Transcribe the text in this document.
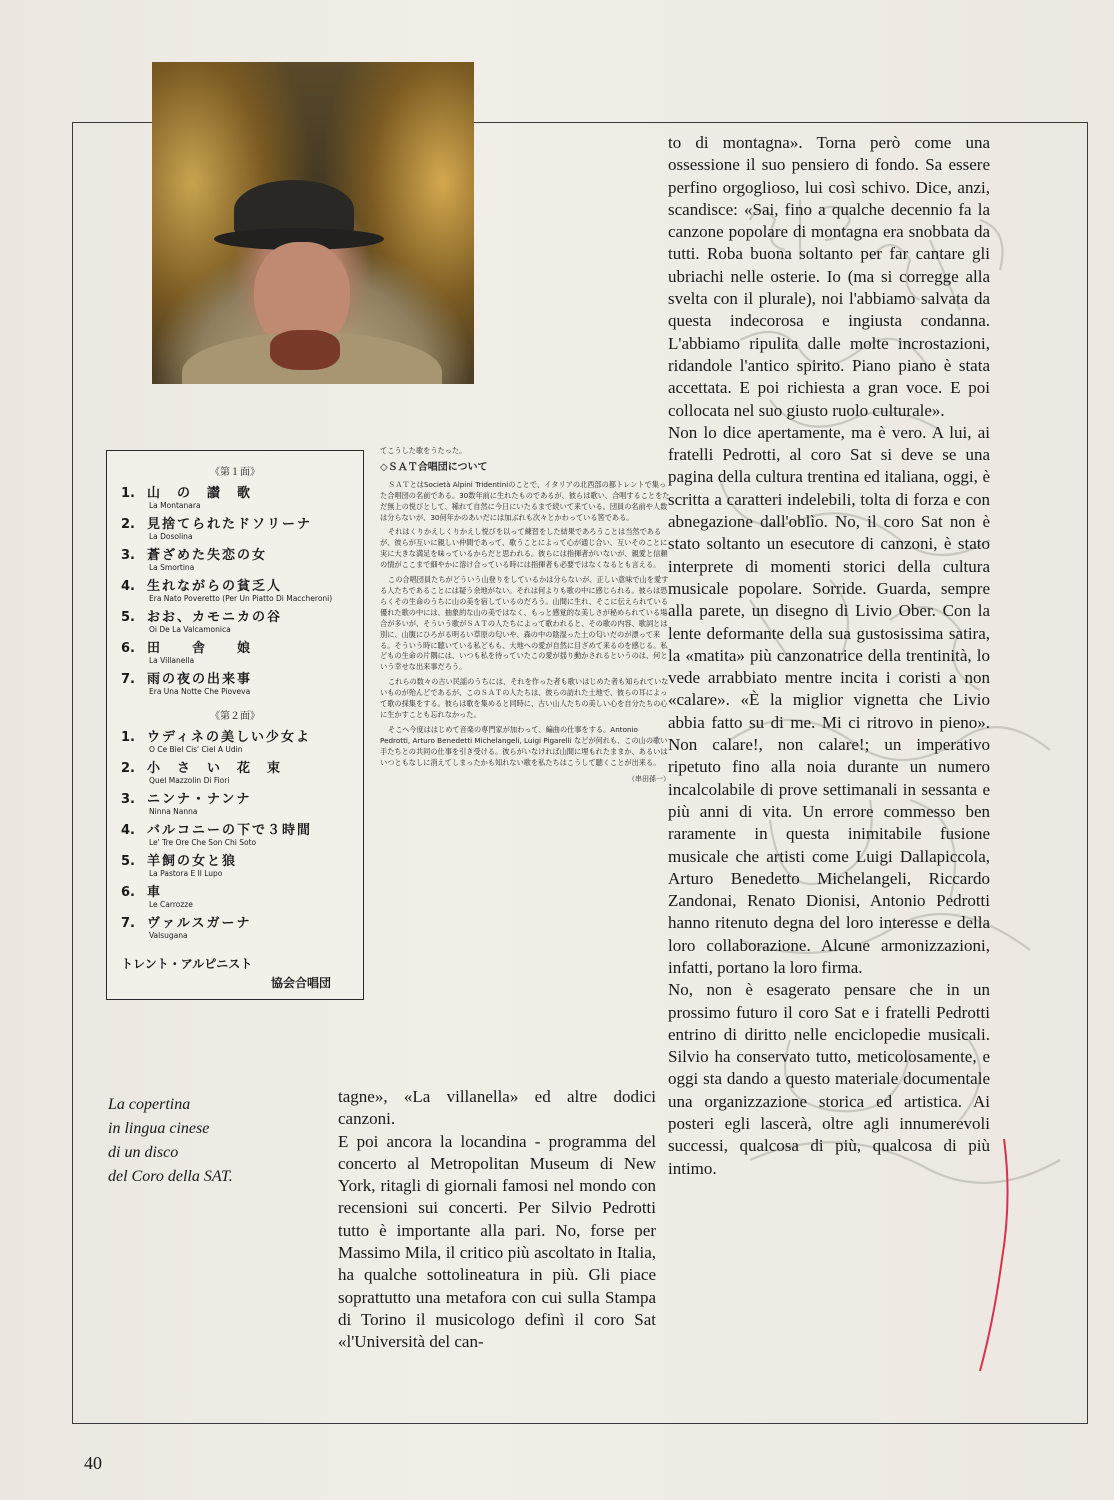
《第１面》
1. 山　の　讃　歌
La Montanara
2. 見捨てられたドソリーナ
La Dosolina
3. 蒼ざめた失恋の女
La Smortina
4. 生れながらの貧乏人
Era Nato Poveretto (Per Un Piatto Di Maccheroni)
5. おお、カモニカの谷
Oi De La Valcamonica
6. 田　　舎　　娘
La Villanella
7. 雨の夜の出来事
Era Una Notte Che Pioveva
《第２面》
1. ウディネの美しい少女よ
O Ce Biel Cis' Ciel A Udin
2. 小　さ　い　花　束
Quel Mazzolin Di Fiori
3. ニンナ・ナンナ
Ninna Nanna
4. バルコニーの下で３時間
Le' Tre Ore Che Son Chi Soto
5. 羊飼の女と狼
La Pastora E Il Lupo
6. 車
Le Carrozze
7. ヴァルスガーナ
Valsugana
トレント・アルピニスト
協会合唱団

てこうした歌をうたった。

◇ＳＡＴ合唱団について

ＳＡＴとはSocietà Alpini Tridentiniのことで、イタリアの北西部の都トレントで集った合唱団の名前である。30数年前に生れたものであるが、彼らは歌い、合唱することをただ無上の悦びとして、稀れて自然に今日にいたるまで続いて来ている。団員の名前や人数は分らないが、30何年かのあいだには加ぶれも次々とかわっている筈である。

それはくりかえしくりかえし悦びを以って練習をした結果であろうことは当然であるが、彼らが互いに親しい仲間であって、歌うことによって心が通じ合い、互いそのことに実に大きな満足を味っているからだと思われる。彼らには指揮者がいないが、親愛と信頼の情がここまで細やかに溶け合っている時には指揮者も必要ではなくなるとも言える。

この合唱団員たちがどういう山登りをしているかは分らないが、正しい意味で山を愛する人たちであることには疑う余地がない。それは何よりも歌の中に感じられる。彼らは恐らくその生命のうちに山の美を宿しているのだろう。山間に生れ、そこに伝えられている優れた歌の中には、抽象的な山の美ではなく、もっと感覚的な美しさが秘められている場合が多いが、そういう歌がＳＡＴの人たちによって歌われると、その歌の内容、歌詞とは別に、山腹にひろがる明るい草原の匂いや、森の中の陰湿った土の匂いだのが漂って来る。そういう時に聴いている私どもも、大地への愛が自然に目ざめて来るのを感じる。私どもの生命の片隅には、いつも私を待っていたこの愛が揺り動かされるというのは、何という幸せな出来事だろう。

これらの数々の古い民謡のうちには、それを作った者も歌いはじめた者も知られていないものが殆んどであるが、このＳＡＴの人たちは、彼らの訪れた土地で、彼らの耳によって歌の採集をする。彼らは歌を集めると同時に、古い山人たちの美しい心を自分たちの心に生かすことも忘れなかった。

そこへ今度ははじめて音楽の専門家が加わって、編曲の仕事をする。Antonio Pedrotti, Arturo Benedetti Michelangeli, Luigi Pigarelli などが何れも、この山の歌い手たちとの共同の仕事を引き受ける。彼らがいなければ山間に埋もれたままか、あるいはいつともなしに消えてしまったかも知れない歌を私たちはこうして聴くことが出来る。

（串田孫一）
La copertina
in lingua cinese
di un disco
del Coro della SAT.

tagne», «La villanella» ed altre dodici canzoni.

E poi ancora la locandina - programma del concerto al Metropolitan Museum di New York, ritagli di giornali famosi nel mondo con recensioni sui concerti. Per Silvio Pedrotti tutto è importante alla pari. No, forse per Massimo Mila, il critico più ascoltato in Italia, ha qualche sottolineatura in più. Gli piace soprattutto una metafora con cui sulla Stampa di Torino il musicologo definì il coro Sat «l'Università del can-

to di montagna». Torna però come una ossessione il suo pensiero di fondo. Sa essere perfino orgoglioso, lui così schivo. Dice, anzi, scandisce: «Sai, fino a qualche decennio fa la canzone popolare di montagna era snobbata da tutti. Roba buona soltanto per far cantare gli ubriachi nelle osterie. Io (ma si corregge alla svelta con il plurale), noi l'abbiamo salvata da questa indecorosa e ingiusta condanna. L'abbiamo ripulita dalle molte incrostazioni, ridandole l'antico spirito. Piano piano è stata accettata. E poi richiesta a gran voce. E poi collocata nel suo giusto ruolo culturale».

Non lo dice apertamente, ma è vero. A lui, ai fratelli Pedrotti, al coro Sat si deve se una pagina della cultura trentina ed italiana, oggi, è scritta a caratteri indelebili, tolta di forza e con abnegazione dall'oblìo. No, il coro Sat non è stato soltanto un esecutore di canzoni, è stato interprete di momenti storici della cultura musicale popolare. Sorride. Guarda, sempre alla parete, un disegno di Livio Ober. Con la lente deformante della sua gustosissima satira, la «matita» più canzonatrice della trentinità, lo vede arrabbiato mentre incita i coristi a non «calare». «È la miglior vignetta che Livio abbia fatto su di me. Mi ci ritrovo in pieno». Non calare!, non calare!; un imperativo ripetuto fino alla noia durante un numero incalcolabile di prove settimanali in sessanta e più anni di vita. Un errore commesso ben raramente in questa inimitabile fusione musicale che artisti come Luigi Dallapiccola, Arturo Benedetto Michelangeli, Riccardo Zandonai, Renato Dionisi, Antonio Pedrotti hanno ritenuto degna del loro interesse e della loro collaborazione. Alcune armonizzazioni, infatti, portano la loro firma.

No, non è esagerato pensare che in un prossimo futuro il coro Sat e i fratelli Pedrotti entrino di diritto nelle enciclopedie musicali. Silvio ha conservato tutto, meticolosamente, e oggi sta dando a questo materiale documentale una organizzazione storica ed artistica. Ai posteri egli lascerà, oltre agli innumerevoli successi, qualcosa di più, qualcosa di più intimo.

40
